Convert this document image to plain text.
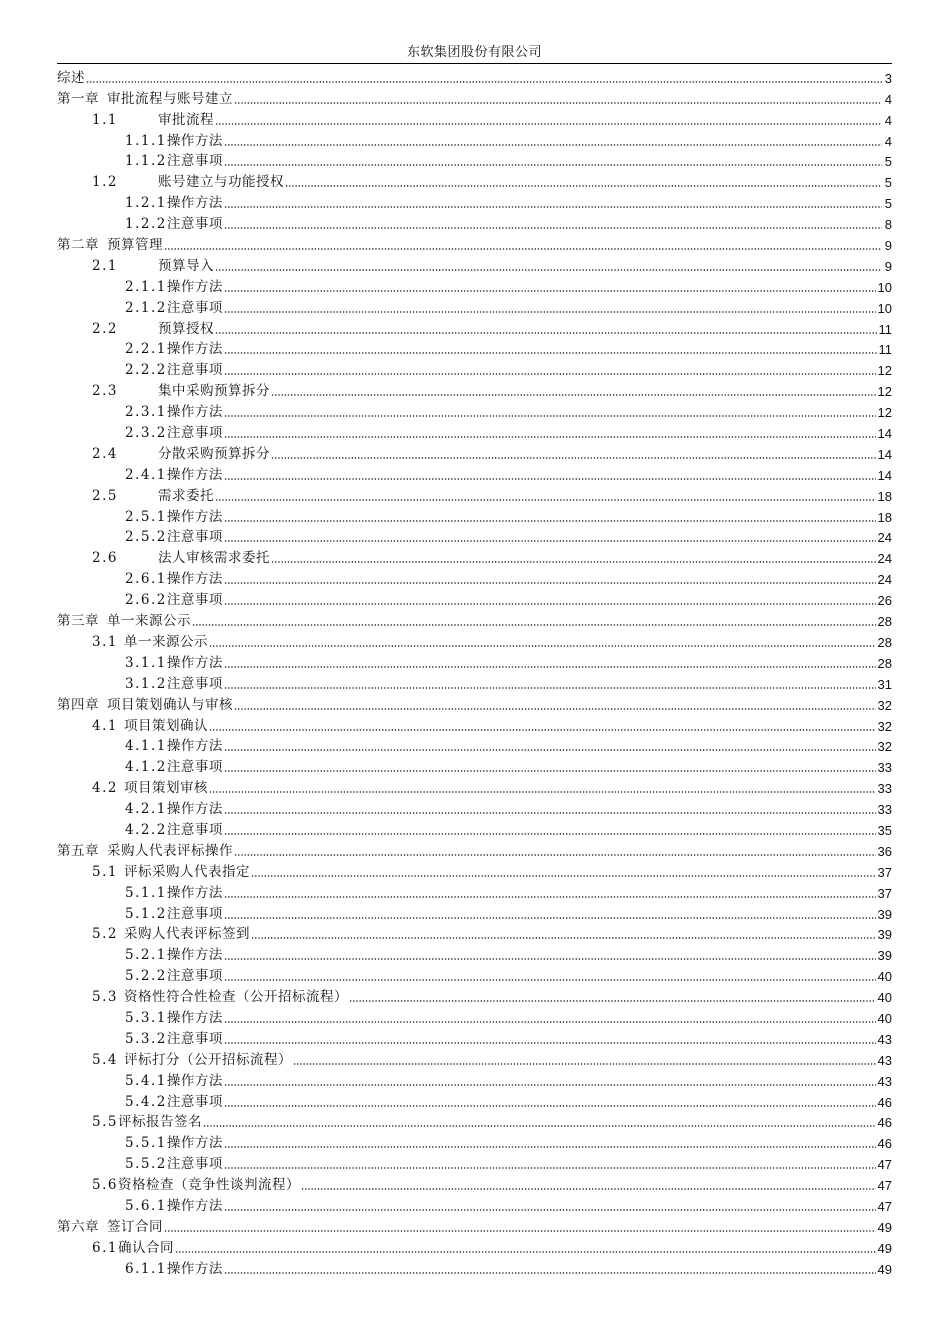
东软集团股份有限公司
综述	3
第一章 审批流程与账号建立	4
1.1	审批流程	4
1.1.1 操作方法	4
1.1.2 注意事项	5
1.2	账号建立与功能授权	5
1.2.1 操作方法	5
1.2.2 注意事项	8
第二章 预算管理	9
2.1	预算导入	9
2.1.1 操作方法	10
2.1.2 注意事项	10
2.2	预算授权	11
2.2.1 操作方法	11
2.2.2 注意事项	12
2.3	集中采购预算拆分	12
2.3.1 操作方法	12
2.3.2 注意事项	14
2.4	分散采购预算拆分	14
2.4.1 操作方法	14
2.5	需求委托	18
2.5.1 操作方法	18
2.5.2 注意事项	24
2.6	法人审核需求委托	24
2.6.1 操作方法	24
2.6.2 注意事项	26
第三章 单一来源公示	28
3.1 单一来源公示	28
3.1.1 操作方法	28
3.1.2 注意事项	31
第四章 项目策划确认与审核	32
4.1 项目策划确认	32
4.1.1 操作方法	32
4.1.2 注意事项	33
4.2 项目策划审核	33
4.2.1 操作方法	33
4.2.2 注意事项	35
第五章 采购人代表评标操作	36
5.1 评标采购人代表指定	37
5.1.1 操作方法	37
5.1.2 注意事项	39
5.2 采购人代表评标签到	39
5.2.1 操作方法	39
5.2.2 注意事项	40
5.3 资格性符合性检查（公开招标流程）	40
5.3.1 操作方法	40
5.3.2 注意事项	43
5.4 评标打分（公开招标流程）	43
5.4.1 操作方法	43
5.4.2 注意事项	46
5.5 评标报告签名	46
5.5.1 操作方法	46
5.5.2 注意事项	47
5.6 资格检查（竞争性谈判流程）	47
5.6.1 操作方法	47
第六章 签订合同	49
6.1 确认合同	49
6.1.1 操作方法	49
